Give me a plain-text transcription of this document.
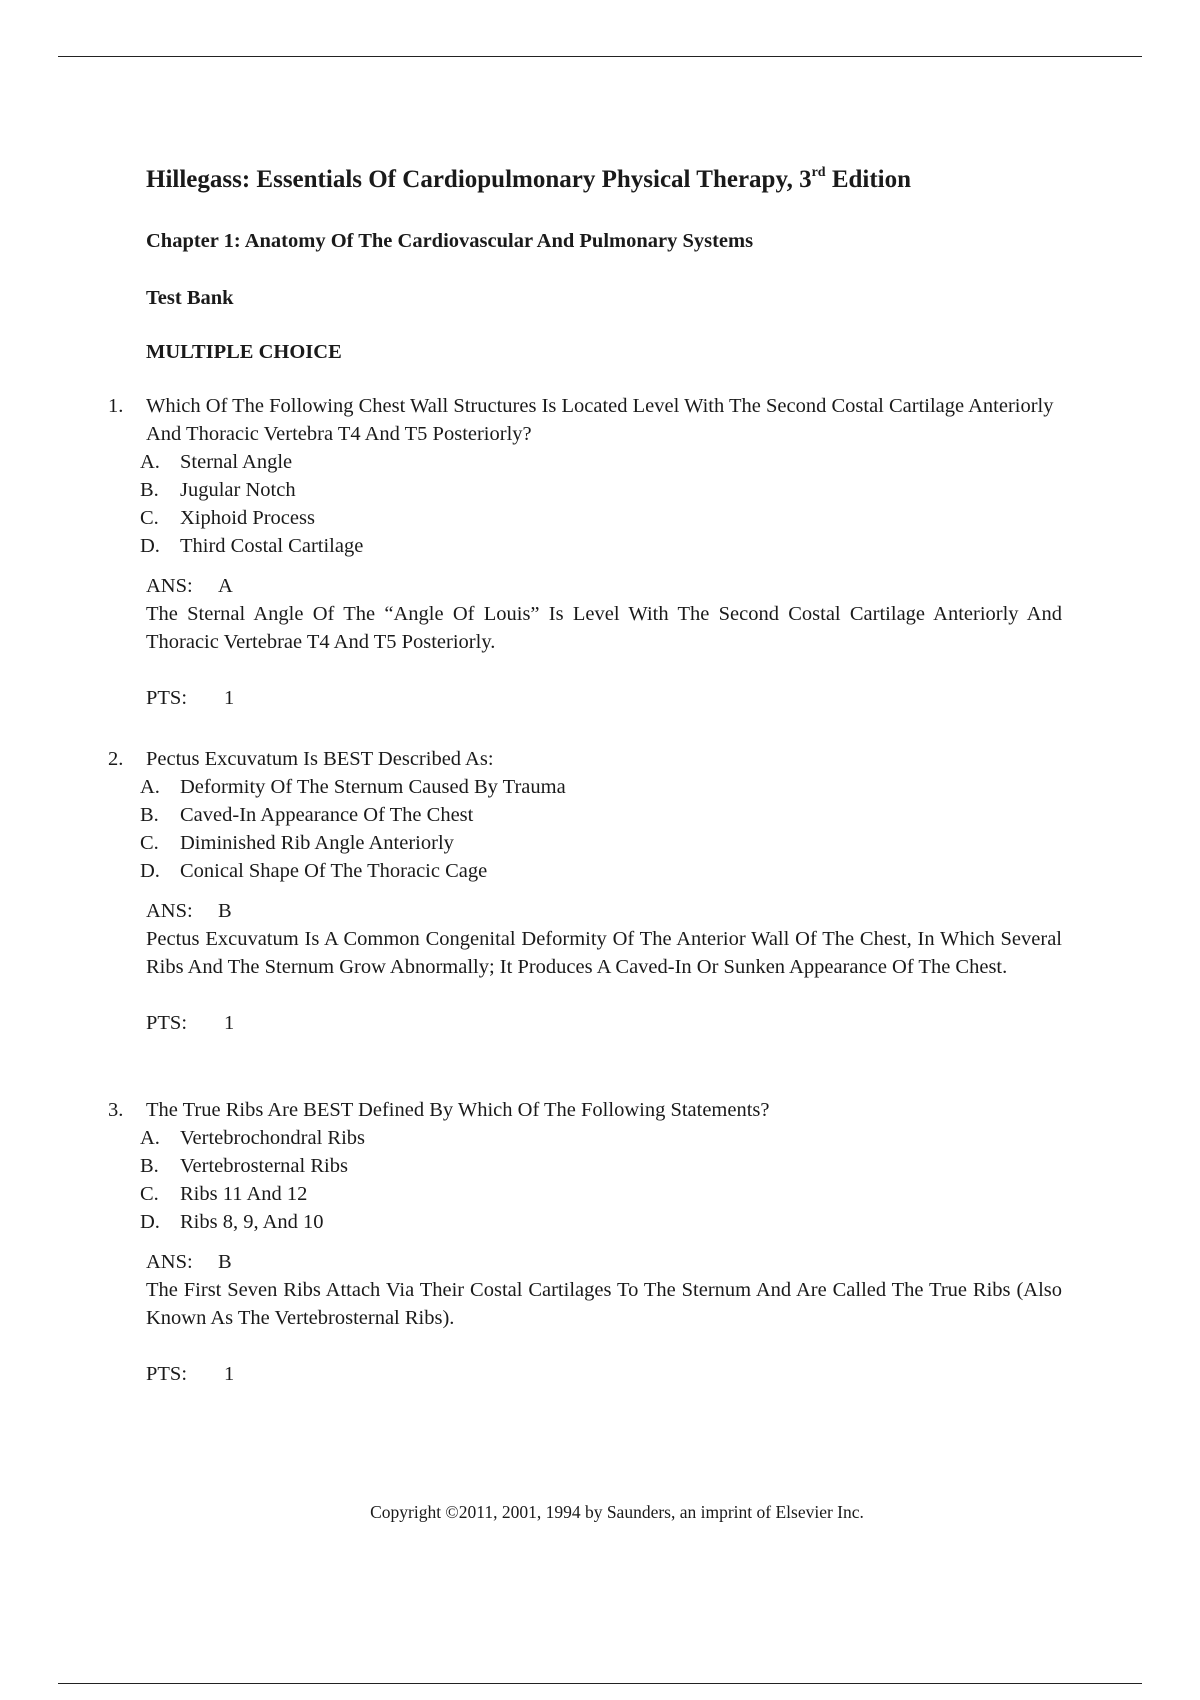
Hillegass: Essentials Of Cardiopulmonary Physical Therapy, 3rd Edition
Chapter 1: Anatomy Of The Cardiovascular And Pulmonary Systems
Test Bank
MULTIPLE CHOICE
1. Which Of The Following Chest Wall Structures Is Located Level With The Second Costal Cartilage Anteriorly And Thoracic Vertebra T4 And T5 Posteriorly?
A. Sternal Angle
B. Jugular Notch
C. Xiphoid Process
D. Third Costal Cartilage
ANS: A
The Sternal Angle Of The “Angle Of Louis” Is Level With The Second Costal Cartilage Anteriorly And Thoracic Vertebrae T4 And T5 Posteriorly.
PTS: 1
2. Pectus Excuvatum Is BEST Described As:
A. Deformity Of The Sternum Caused By Trauma
B. Caved-In Appearance Of The Chest
C. Diminished Rib Angle Anteriorly
D. Conical Shape Of The Thoracic Cage
ANS: B
Pectus Excuvatum Is A Common Congenital Deformity Of The Anterior Wall Of The Chest, In Which Several Ribs And The Sternum Grow Abnormally; It Produces A Caved-In Or Sunken Appearance Of The Chest.
PTS: 1
3. The True Ribs Are BEST Defined By Which Of The Following Statements?
A. Vertebrochondral Ribs
B. Vertebrosternal Ribs
C. Ribs 11 And 12
D. Ribs 8, 9, And 10
ANS: B
The First Seven Ribs Attach Via Their Costal Cartilages To The Sternum And Are Called The True Ribs (Also Known As The Vertebrosternal Ribs).
PTS: 1

Copyright ©2011, 2001, 1994 by Saunders, an imprint of Elsevier Inc.
